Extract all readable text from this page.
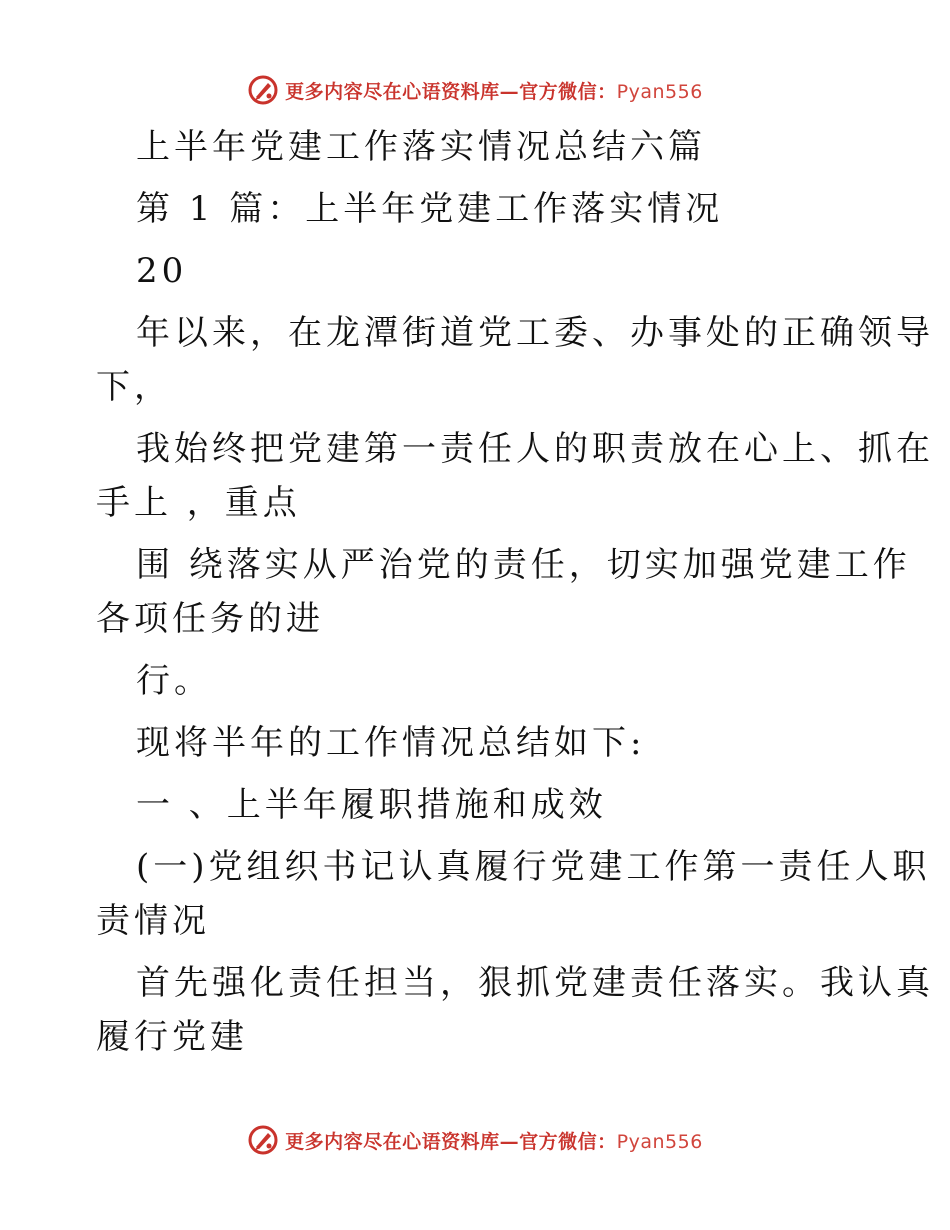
更多内容尽在心语资料库—官方微信：Pyan556

上半年党建工作落实情况总结六篇

第 1 篇：上半年党建工作落实情况

20

年以来，在龙潭街道党工委、办事处的正确领导

下，

我始终把党建第一责任人的职责放在心上、抓在

手上 ，重点

围 绕落实从严治党的责任，切实加强党建工作

各项任务的进

行。

现将半年的工作情况总结如下:

一 、上半年履职措施和成效

(一)党组织书记认真履行党建工作第一责任人职

责情况

首先强化责任担当，狠抓党建责任落实。我认真

履行党建

更多内容尽在心语资料库—官方微信：Pyan556
